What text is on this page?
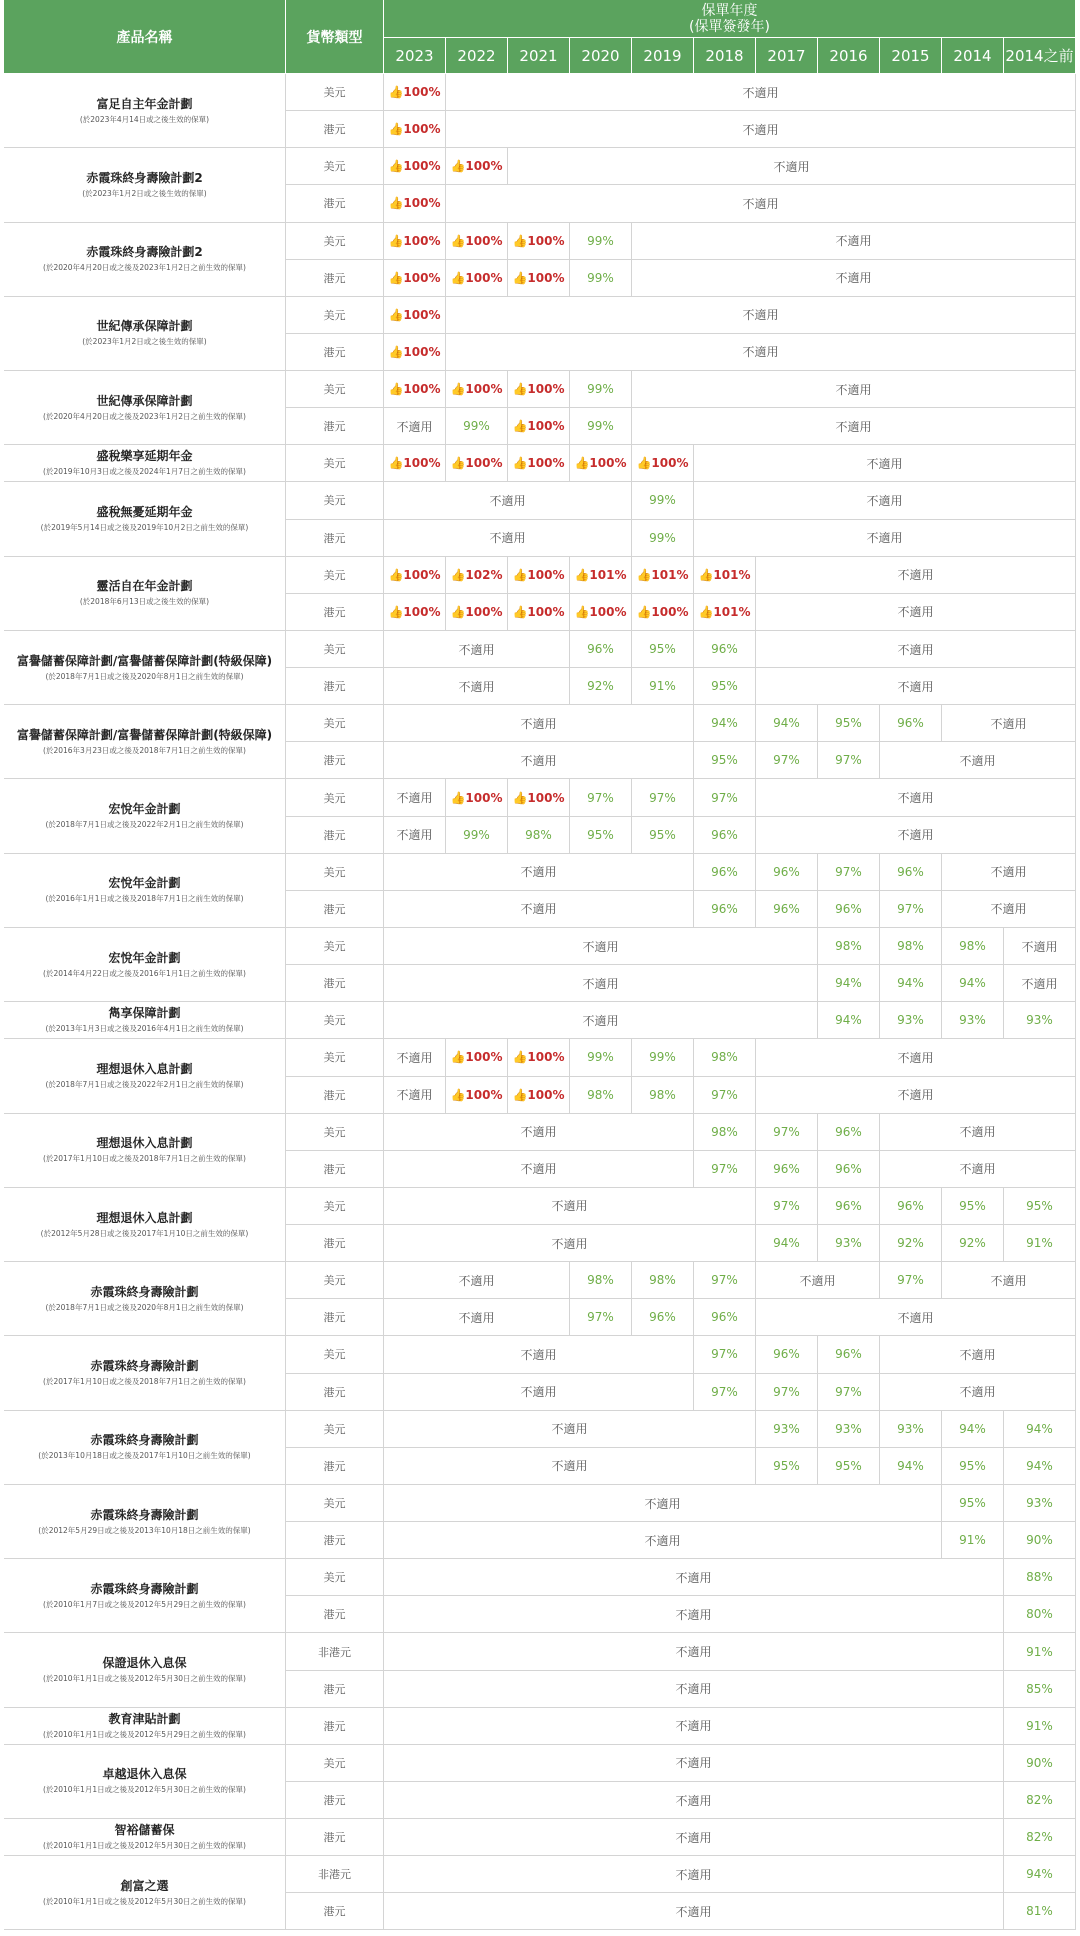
產品名稱	貨幣類型
保單年度
(保單簽發年)
2023	2022	2021	2020	2019	2018	2017	2016	2015	2014 2014之前
富足自主年金計劃
(於2023年4月14日或之後生效的保單)
美元	👍100%	不適用
港元	👍100%	不適用
赤霞珠終身壽險計劃2
(於2023年1月2日或之後生效的保單)
美元	👍100% 👍100%	不適用
港元	👍100%	不適用
赤霞珠終身壽險計劃2
(於2020年4月20日或之後及2023年1月2日之前生效的保單)
美元	👍100% 👍100% 👍100% 99%	不適用
港元	👍100% 👍100% 👍100% 99%	不適用
世紀傳承保障計劃
(於2023年1月2日或之後生效的保單)
美元	👍100%	不適用
港元	👍100%	不適用
世紀傳承保障計劃
(於2020年4月20日或之後及2023年1月2日之前生效的保單)
美元	👍100% 👍100% 👍100% 99%	不適用
港元	不適用	99% 👍100% 99%	不適用
盛稅樂享延期年金
(於2019年10月3日或之後及2024年1月7日之前生效的保單)
美元	👍100% 👍100% 👍100% 👍100% 👍100%	不適用
盛稅無憂延期年金
(於2019年5月14日或之後及2019年10月2日之前生效的保單)
美元	不適用	99%	不適用
港元	不適用	99%	不適用
靈活自在年金計劃
(於2018年6月13日或之後生效的保單)
美元	👍100% 👍102% 👍100% 👍101% 👍101% 👍101%	不適用
港元	👍100% 👍100% 👍100% 👍100% 👍100% 👍101%	不適用
富譽儲蓄保障計劃/富譽儲蓄保障計劃(特級保障)
(於2018年7月1日或之後及2020年8月1日之前生效的保單)
美元	不適用	96%	95%	96%	不適用
港元	不適用	92%	91%	95%	不適用
富譽儲蓄保障計劃/富譽儲蓄保障計劃(特級保障)
(於2016年3月23日或之後及2018年7月1日之前生效的保單)
美元	不適用	94%	94%	95%	96%	不適用
港元	不適用	95%	97%	97%	不適用
宏悅年金計劃
(於2018年7月1日或之後及2022年2月1日之前生效的保單)
美元	不適用 👍100% 👍100% 97%	97%	97%	不適用
港元	不適用	99%	98%	95%	95%	96%	不適用
宏悅年金計劃
(於2016年1月1日或之後及2018年7月1日之前生效的保單)
美元	不適用	96%	96%	97%	96%	不適用
港元	不適用	96%	96%	96%	97%	不適用
宏悅年金計劃
(於2014年4月22日或之後及2016年1月1日之前生效的保單)
美元	不適用	98%	98%	98%	不適用
港元	不適用	94%	94%	94%	不適用
雋享保障計劃
(於2013年1月3日或之後及2016年4月1日之前生效的保單)
美元	不適用	94%	93%	93%	93%
理想退休入息計劃
(於2018年7月1日或之後及2022年2月1日之前生效的保單)
美元	不適用 👍100% 👍100% 99%	99%	98%	不適用
港元	不適用 👍100% 👍100% 98%	98%	97%	不適用
理想退休入息計劃
(於2017年1月10日或之後及2018年7月1日之前生效的保單)
美元	不適用	98%	97%	96%	不適用
港元	不適用	97%	96%	96%	不適用
理想退休入息計劃
(於2012年5月28日或之後及2017年1月10日之前生效的保單)
美元	不適用	97%	96%	96%	95%	95%
港元	不適用	94%	93%	92%	92%	91%
赤霞珠終身壽險計劃
(於2018年7月1日或之後及2020年8月1日之前生效的保單)
美元	不適用	98%	98%	97%	不適用	97%	不適用
港元	不適用	97%	96%	96%	不適用
赤霞珠終身壽險計劃
(於2017年1月10日或之後及2018年7月1日之前生效的保單)
美元	不適用	97%	96%	96%	不適用
港元	不適用	97%	97%	97%	不適用
赤霞珠終身壽險計劃
(於2013年10月18日或之後及2017年1月10日之前生效的保單)
美元	不適用	93%	93%	93%	94%	94%
港元	不適用	95%	95%	94%	95%	94%
赤霞珠終身壽險計劃
(於2012年5月29日或之後及2013年10月18日之前生效的保單)
美元	不適用	95%	93%
港元	不適用	91%	90%
赤霞珠終身壽險計劃
(於2010年1月7日或之後及2012年5月29日之前生效的保單)
美元	不適用	88%
港元	不適用	80%
保證退休入息保
(於2010年1月1日或之後及2012年5月30日之前生效的保單)
非港元	不適用	91%
港元	不適用	85%
教育津貼計劃
(於2010年1月1日或之後及2012年5月29日之前生效的保單)
港元	不適用	91%
卓越退休入息保
(於2010年1月1日或之後及2012年5月30日之前生效的保單)
美元	不適用	90%
港元	不適用	82%
智裕儲蓄保
(於2010年1月1日或之後及2012年5月30日之前生效的保單)
港元	不適用	82%
創富之選
(於2010年1月1日或之後及2012年5月30日之前生效的保單)
非港元	不適用	94%
港元	不適用	81%
